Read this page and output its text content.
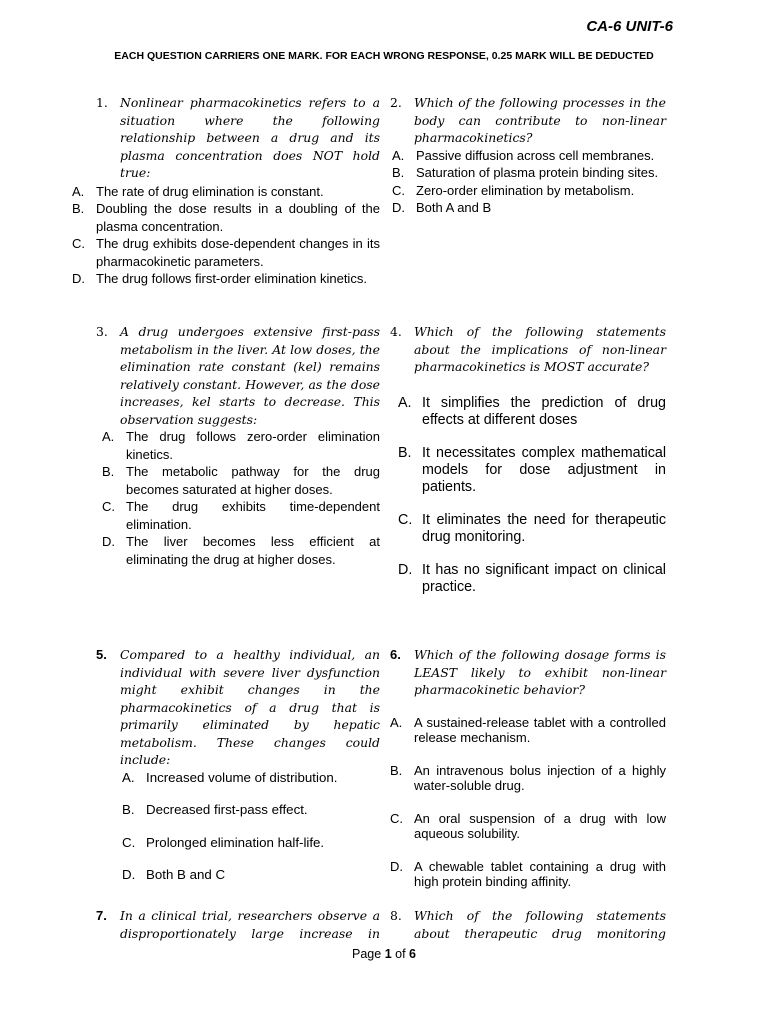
CA-6 UNIT-6
EACH QUESTION CARRIERS ONE MARK. FOR EACH WRONG RESPONSE, 0.25 MARK WILL BE DEDUCTED
1. Nonlinear pharmacokinetics refers to a situation where the following relationship between a drug and its plasma concentration does NOT hold true:
A. The rate of drug elimination is constant.
B. Doubling the dose results in a doubling of the plasma concentration.
C. The drug exhibits dose-dependent changes in its pharmacokinetic parameters.
D. The drug follows first-order elimination kinetics.
2. Which of the following processes in the body can contribute to non-linear pharmacokinetics?
A. Passive diffusion across cell membranes.
B. Saturation of plasma protein binding sites.
C. Zero-order elimination by metabolism.
D. Both A and B
3. A drug undergoes extensive first-pass metabolism in the liver. At low doses, the elimination rate constant (kel) remains relatively constant. However, as the dose increases, kel starts to decrease. This observation suggests:
A. The drug follows zero-order elimination kinetics.
B. The metabolic pathway for the drug becomes saturated at higher doses.
C. The drug exhibits time-dependent elimination.
D. The liver becomes less efficient at eliminating the drug at higher doses.
4. Which of the following statements about the implications of non-linear pharmacokinetics is MOST accurate?
A. It simplifies the prediction of drug effects at different doses
B. It necessitates complex mathematical models for dose adjustment in patients.
C. It eliminates the need for therapeutic drug monitoring.
D. It has no significant impact on clinical practice.
5. Compared to a healthy individual, an individual with severe liver dysfunction might exhibit changes in the pharmacokinetics of a drug that is primarily eliminated by hepatic metabolism. These changes could include:
A. Increased volume of distribution.
B. Decreased first-pass effect.
C. Prolonged elimination half-life.
D. Both B and C
6. Which of the following dosage forms is LEAST likely to exhibit non-linear pharmacokinetic behavior?
A. A sustained-release tablet with a controlled release mechanism.
B. An intravenous bolus injection of a highly water-soluble drug.
C. An oral suspension of a drug with low aqueous solubility.
D. A chewable tablet containing a drug with high protein binding affinity.
7. In a clinical trial, researchers observe a disproportionately large increase in
8. Which of the following statements about therapeutic drug monitoring
Page 1 of 6
